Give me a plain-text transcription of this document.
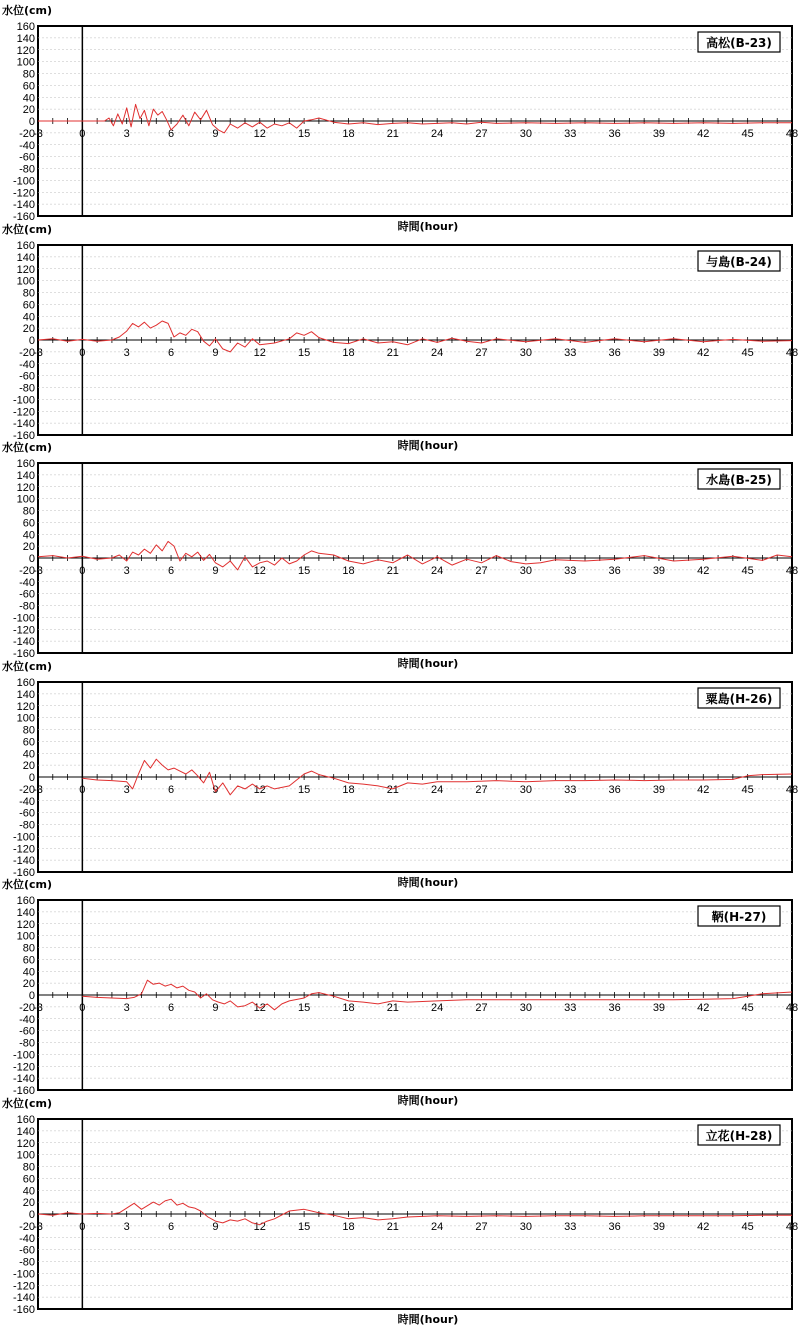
160
140
120
100
80
60
40
20
0
-20
-40
-60
-80
-100
-120
-140
-160
-3	0	3	6	9	12	15	18	21	24	27	30	33	36	39	42	45	48
水位(cm)
高松(B-23)
時間(hour)
160
140
120
100
80
60
40
20
0
-20
-40
-60
-80
-100
-120
-140
-160
-3	0	3	6	9	12	15	18	21	24	27	30	33	36	39	42	45	48
水位(cm)
与島(B-24)
時間(hour)
160
140
120
100
80
60
40
20
0
-20
-40
-60
-80
-100
-120
-140
-160
-3	0	3	6	9	12	15	18	21	24	27	30	33	36	39	42	45	48
水位(cm)
水島(B-25)
時間(hour)
160
140
120
100
80
60
40
20
0
-20
-40
-60
-80
-100
-120
-140
-160
-3	0	3	6	9	12	15	18	21	24	27	30	33	36	39	42	45	48
水位(cm)
粟島(H-26)
時間(hour)
160
140
120
100
80
60
40
20
0
-20
-40
-60
-80
-100
-120
-140
-160
-3	0	3	6	9	12	15	18	21	24	27	30	33	36	39	42	45	48
水位(cm)
鞆(H-27)
時間(hour)
160
140
120
100
80
60
40
20
0
-20
-40
-60
-80
-100
-120
-140
-160
-3	0	3	6	9	12	15	18	21	24	27	30	33	36	39	42	45	48
水位(cm)
立花(H-28)
時間(hour)
